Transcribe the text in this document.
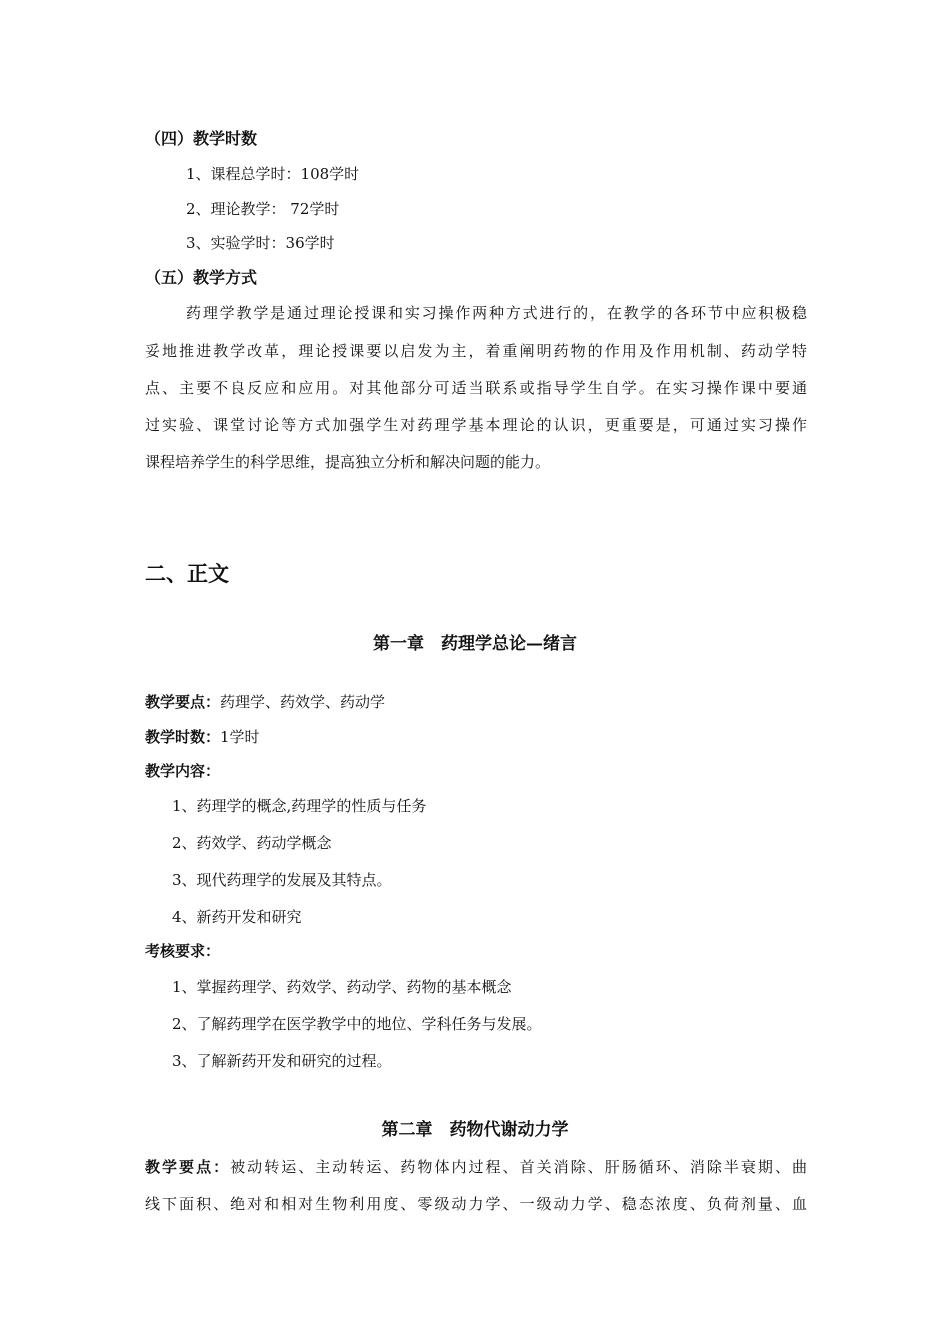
（四）教学时数
1、课程总学时：108学时
2、理论教学： 72学时
3、实验学时：36学时
（五）教学方式
药理学教学是通过理论授课和实习操作两种方式进行的，在教学的各环节中应积极稳
妥地推进教学改革，理论授课要以启发为主，着重阐明药物的作用及作用机制、药动学特
点、主要不良反应和应用。对其他部分可适当联系或指导学生自学。在实习操作课中要通
过实验、课堂讨论等方式加强学生对药理学基本理论的认识，更重要是，可通过实习操作
课程培养学生的科学思维，提高独立分析和解决问题的能力。
二、正文
第一章　药理学总论—绪言
教学要点：药理学、药效学、药动学
教学时数：1学时
教学内容：
1、药理学的概念,药理学的性质与任务
2、药效学、药动学概念
3、现代药理学的发展及其特点。
4、新药开发和研究
考核要求：
1、掌握药理学、药效学、药动学、药物的基本概念
2、了解药理学在医学教学中的地位、学科任务与发展。
3、了解新药开发和研究的过程。
第二章　药物代谢动力学
教学要点：被动转运、主动转运、药物体内过程、首关消除、肝肠循环、消除半衰期、曲
线下面积、绝对和相对生物利用度、零级动力学、一级动力学、稳态浓度、负荷剂量、血
